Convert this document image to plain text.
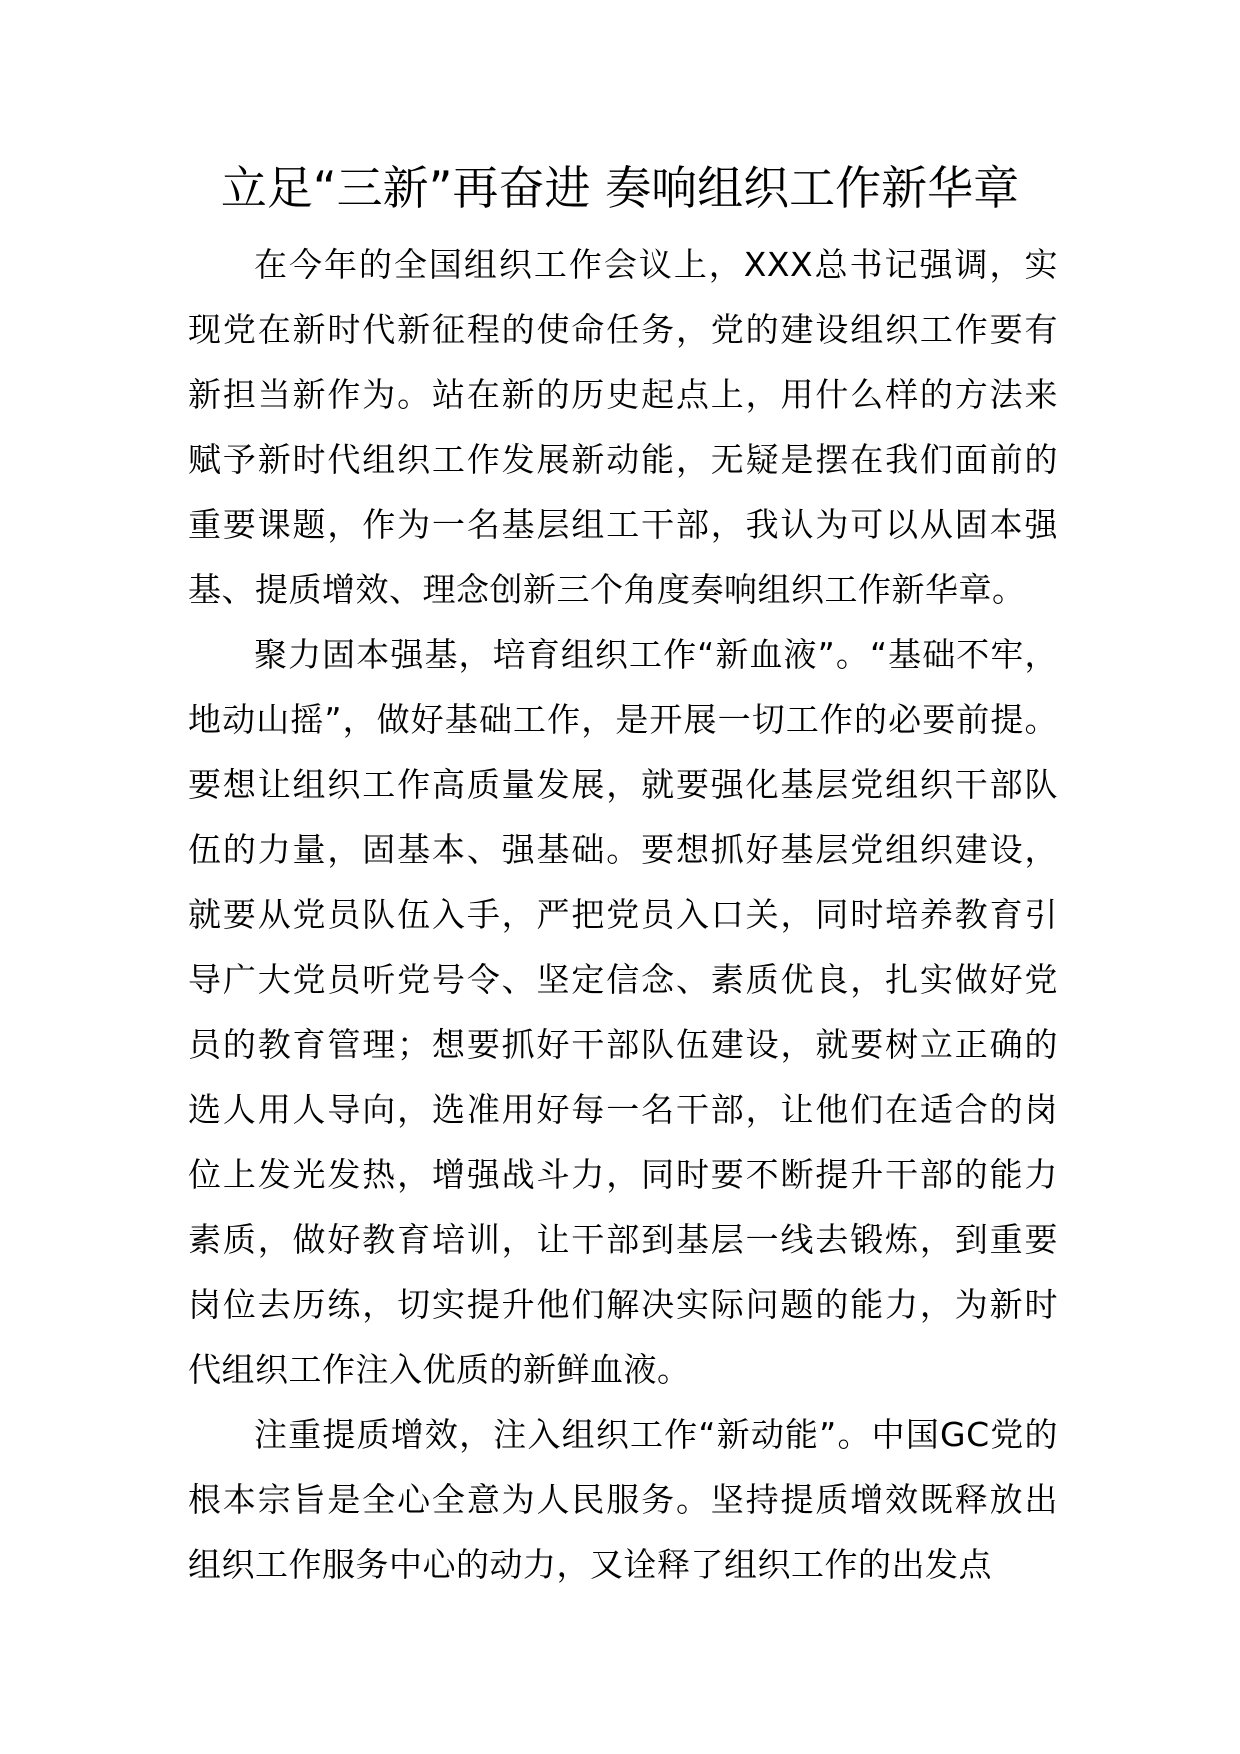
立足“三新”再奋进 奏响组织工作新华章

在今年的全国组织工作会议上，XXX总书记强调，实现党在新时代新征程的使命任务，党的建设组织工作要有新担当新作为。站在新的历史起点上，用什么样的方法来赋予新时代组织工作发展新动能，无疑是摆在我们面前的重要课题，作为一名基层组工干部，我认为可以从固本强基、提质增效、理念创新三个角度奏响组织工作新华章。

聚力固本强基，培育组织工作“新血液”。“基础不牢，地动山摇”，做好基础工作，是开展一切工作的必要前提。要想让组织工作高质量发展，就要强化基层党组织干部队伍的力量，固基本、强基础。要想抓好基层党组织建设，就要从党员队伍入手，严把党员入口关，同时培养教育引导广大党员听党号令、坚定信念、素质优良，扎实做好党员的教育管理；想要抓好干部队伍建设，就要树立正确的选人用人导向，选准用好每一名干部，让他们在适合的岗位上发光发热，增强战斗力，同时要不断提升干部的能力素质，做好教育培训，让干部到基层一线去锻炼，到重要岗位去历练，切实提升他们解决实际问题的能力，为新时代组织工作注入优质的新鲜血液。

注重提质增效，注入组织工作“新动能”。中国GC党的根本宗旨是全心全意为人民服务。坚持提质增效既释放出组织工作服务中心的动力，又诠释了组织工作的出发点
